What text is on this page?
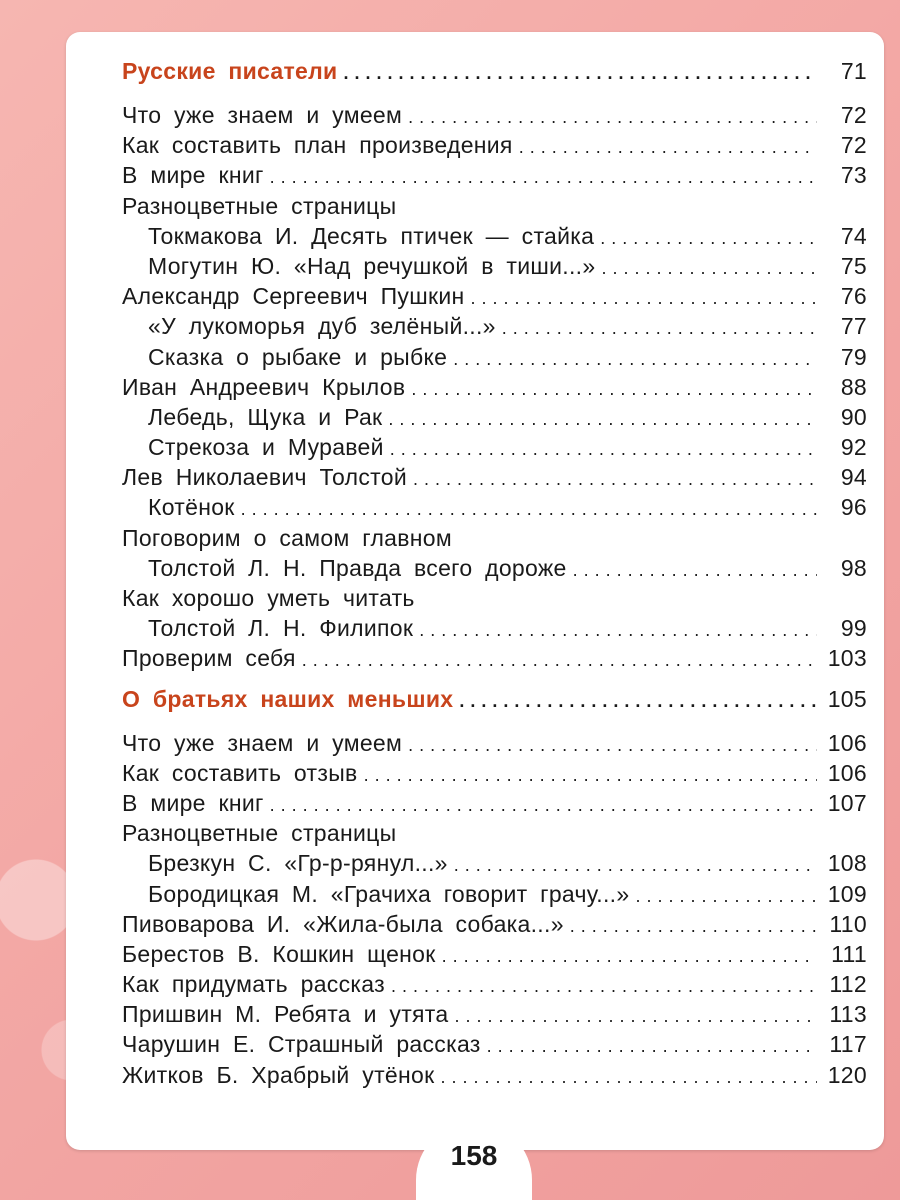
Русские писатели .....	71
Что уже знаем и умеем .....	72
Как составить план произведения .....	72
В мире книг .....	73
Разноцветные страницы
Токмакова И. Десять птичек — стайка .....	74
Могутин Ю. «Над речушкой в тиши...» .....	75
Александр Сергеевич Пушкин .....	76
«У лукоморья дуб зелёный...» .....	77
Сказка о рыбаке и рыбке .....	79
Иван Андреевич Крылов .....	88
Лебедь, Щука и Рак .....	90
Стрекоза и Муравей .....	92
Лев Николаевич Толстой .....	94
Котёнок .....	96
Поговорим о самом главном
Толстой Л. Н. Правда всего дороже .....	98
Как хорошо уметь читать
Толстой Л. Н. Филипок .....	99
Проверим себя .....	103
О братьях наших меньших .....	105
Что уже знаем и умеем .....	106
Как составить отзыв .....	106
В мире книг .....	107
Разноцветные страницы
Брезкун С. «Гр-р-рянул...» .....	108
Бородицкая М. «Грачиха говорит грачу...» .....	109
Пивоварова И. «Жила-была собака...» .....	110
Берестов В. Кошкин щенок .....	111
Как придумать рассказ .....	112
Пришвин М. Ребята и утята .....	113
Чарушин Е. Страшный рассказ .....	117
Житков Б. Храбрый утёнок .....	120
158
